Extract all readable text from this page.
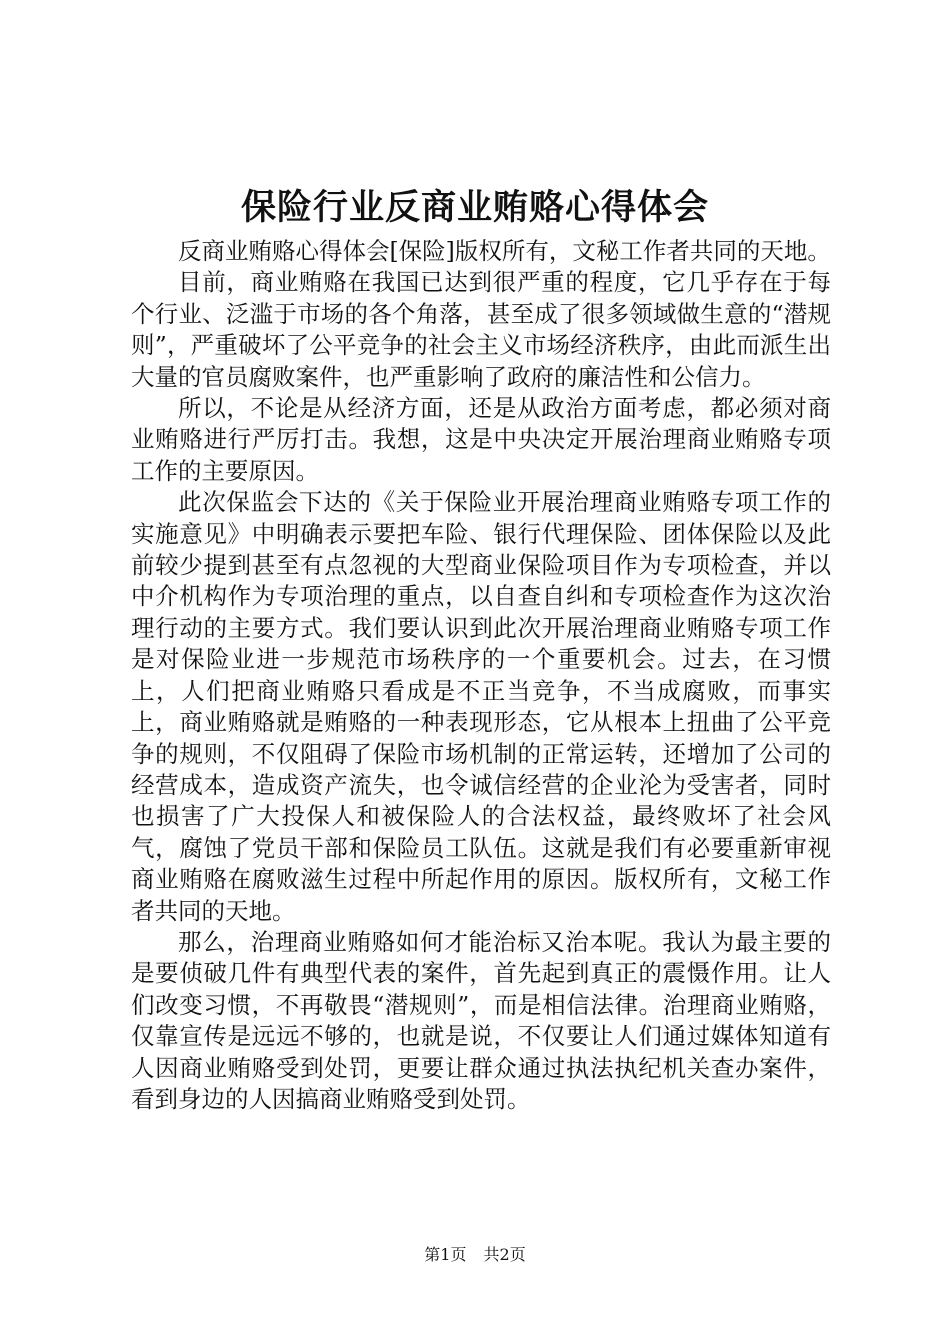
保险行业反商业贿赂心得体会

反商业贿赂心得体会[保险]版权所有，文秘工作者共同的天地。

目前，商业贿赂在我国已达到很严重的程度，它几乎存在于每个行业、泛滥于市场的各个角落，甚至成了很多领域做生意的“潜规则”，严重破坏了公平竞争的社会主义市场经济秩序，由此而派生出大量的官员腐败案件，也严重影响了政府的廉洁性和公信力。

所以，不论是从经济方面，还是从政治方面考虑，都必须对商业贿赂进行严厉打击。我想，这是中央决定开展治理商业贿赂专项工作的主要原因。

此次保监会下达的《关于保险业开展治理商业贿赂专项工作的实施意见》中明确表示要把车险、银行代理保险、团体保险以及此前较少提到甚至有点忽视的大型商业保险项目作为专项检查，并以中介机构作为专项治理的重点，以自查自纠和专项检查作为这次治理行动的主要方式。我们要认识到此次开展治理商业贿赂专项工作是对保险业进一步规范市场秩序的一个重要机会。过去，在习惯上，人们把商业贿赂只看成是不正当竞争，不当成腐败，而事实上，商业贿赂就是贿赂的一种表现形态，它从根本上扭曲了公平竞争的规则，不仅阻碍了保险市场机制的正常运转，还增加了公司的经营成本，造成资产流失，也令诚信经营的企业沦为受害者，同时也损害了广大投保人和被保险人的合法权益，最终败坏了社会风气，腐蚀了党员干部和保险员工队伍。这就是我们有必要重新审视商业贿赂在腐败滋生过程中所起作用的原因。版权所有，文秘工作者共同的天地。

那么，治理商业贿赂如何才能治标又治本呢。我认为最主要的是要侦破几件有典型代表的案件，首先起到真正的震慑作用。让人们改变习惯，不再敬畏“潜规则”，而是相信法律。治理商业贿赂，仅靠宣传是远远不够的，也就是说，不仅要让人们通过媒体知道有人因商业贿赂受到处罚，更要让群众通过执法执纪机关查办案件，看到身边的人因搞商业贿赂受到处罚。

第1页 共2页
